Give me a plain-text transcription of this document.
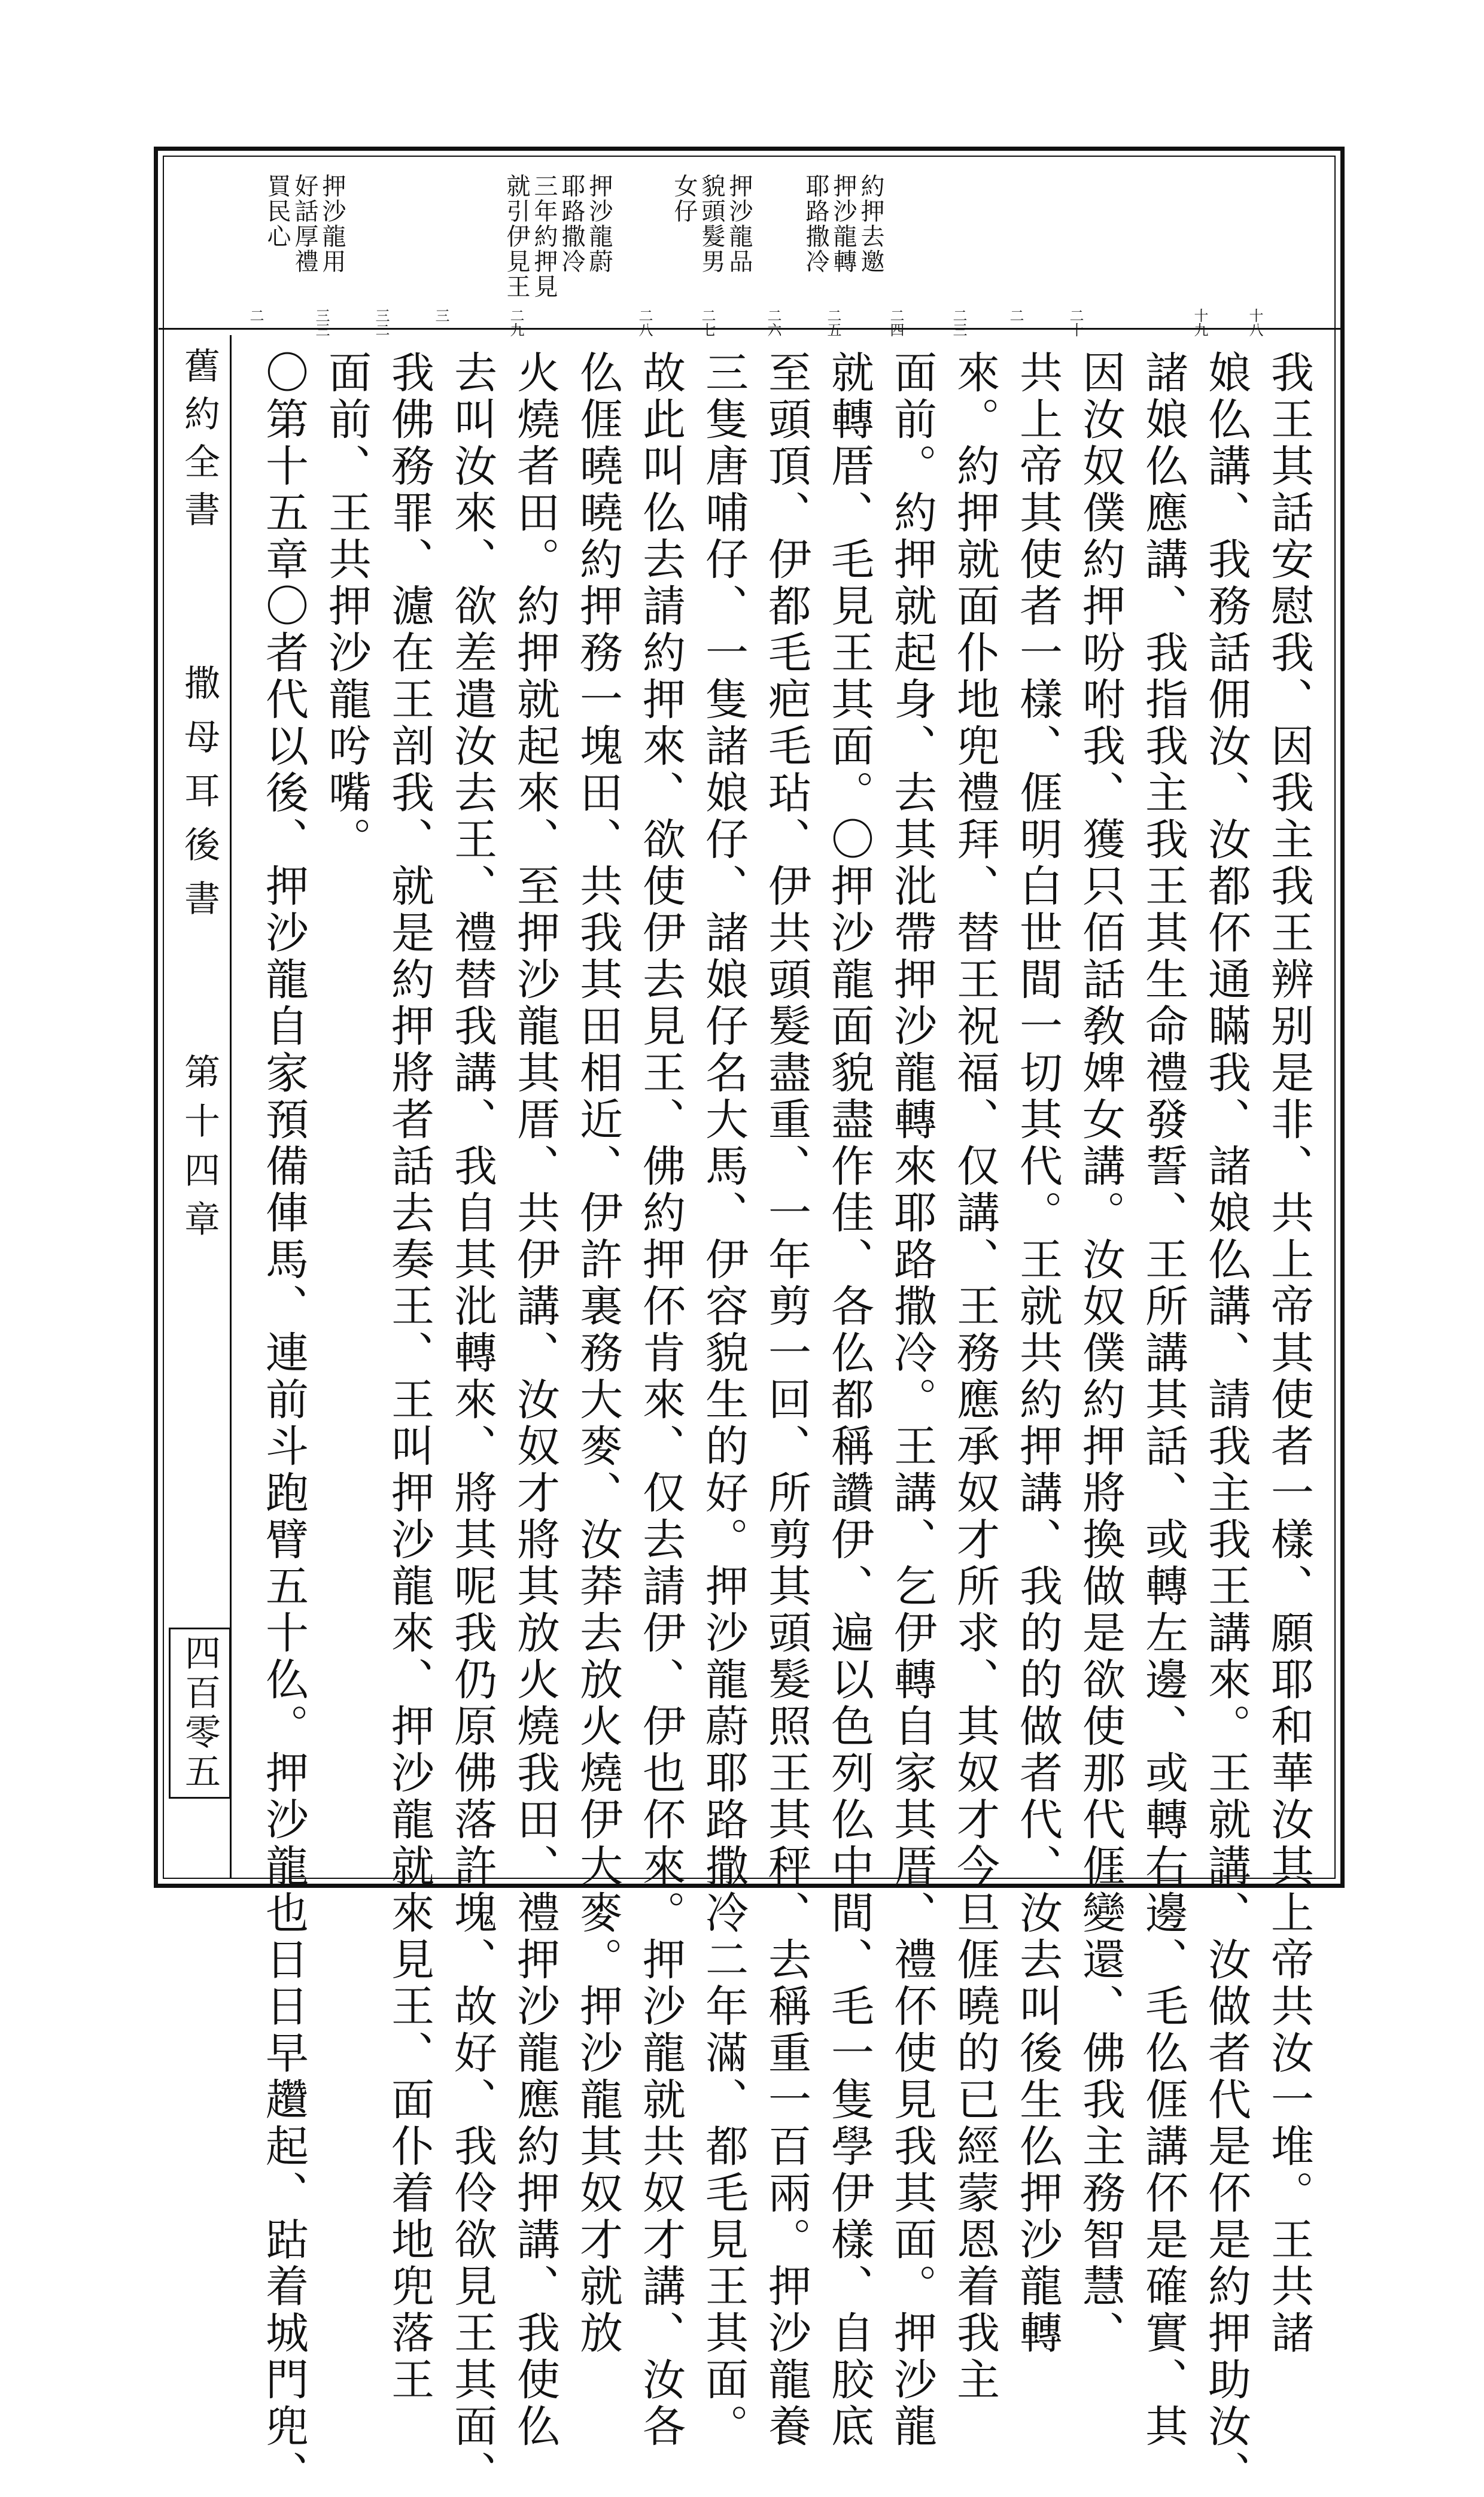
舊約全書
撒母耳後書
第十四章
四百零五
約押去邀
押沙龍轉
耶路撒冷
押沙龍品
貌頭髮男
女仔
押沙龍蔚
耶路撒冷
三年約押見
就引伊見王
押沙龍用
好話厚禮
買民心
十八
十九
二十
二一
二三
二四
二五
二六
二七
二八
二九
三一
三二
三三
二一
我王其話安慰我、因我主我王辨别是非、共上帝其使者一樣、願耶和華汝其上帝共汝一堆。王共諸
娘仫講、我務話佣汝、汝都伓通瞞我、諸娘仫講、請我主我王講來。王就講、汝做者代是伓是約押助汝、
諸娘仫應講、我指我主我王其生命禮發誓、王所講其話、或轉左邊、或轉右邊、毛仫𠊎講伓是確實、其
因汝奴僕約押吩咐我、獲只佰話敎婢女講。汝奴僕約押將換做是欲使那代𠊎變還、佛我主務智慧、
共上帝其使者一樣、𠊎明白世間一切其代。王就共約押講、我的的做者代、汝去叫後生仫押沙龍轉
來。約押就面仆地兜禮拜、替王祝福、仅講、王務應承奴才所求、其奴才今旦𠊎曉的已經蒙恩着我主
面前。約押就起身、去其沘帶押沙龍轉來耶路撒冷。王講、乞伊轉自家其厝、禮伓使見我其面。押沙龍
就轉厝、毛見王其面。〇押沙龍面貌盡作佳、各仫都稱讚伊、遍以色列仫中間、毛一隻學伊樣、自胶底
至頭頂、伊都毛疤毛玷、伊共頭髮盡重、一年剪一回、所剪其頭髮照王其秤、去稱重一百兩。押沙龍養
三隻唐哺仔、一隻諸娘仔、諸娘仔名大馬、伊容貌生的好。押沙龍蔚耶路撒冷二年滿、都毛見王其面。
故此叫仫去請約押來、欲使伊去見王、佛約押伓肯來、仅去請伊、伊也伓來。押沙龍就共奴才講、汝各
仫𠊎曉曉約押務一塊田、共我其田相近、伊許裏務大麥、汝莽去放火燒伊大麥。押沙龍其奴才就放
火燒者田。約押就起來、至押沙龍其厝、共伊講、汝奴才將其放火燒我田、禮押沙龍應約押講、我使仫
去叫汝來、欲差遣汝去王、禮替我講、我自其沘轉來、將其呢我仍原佛落許塊、故好、我伶欲見王其面、
我佛務罪、濾在王剖我、就是約押將者話去奏王、王叫押沙龍來、押沙龍就來見王、面仆着地兜落王
面前、王共押沙龍𠯋嘴。
〇第十五章〇者代以後、押沙龍自家預備俥馬、連前斗跑臂五十仫。押沙龍也日日早趲起、跍着城門兜、
